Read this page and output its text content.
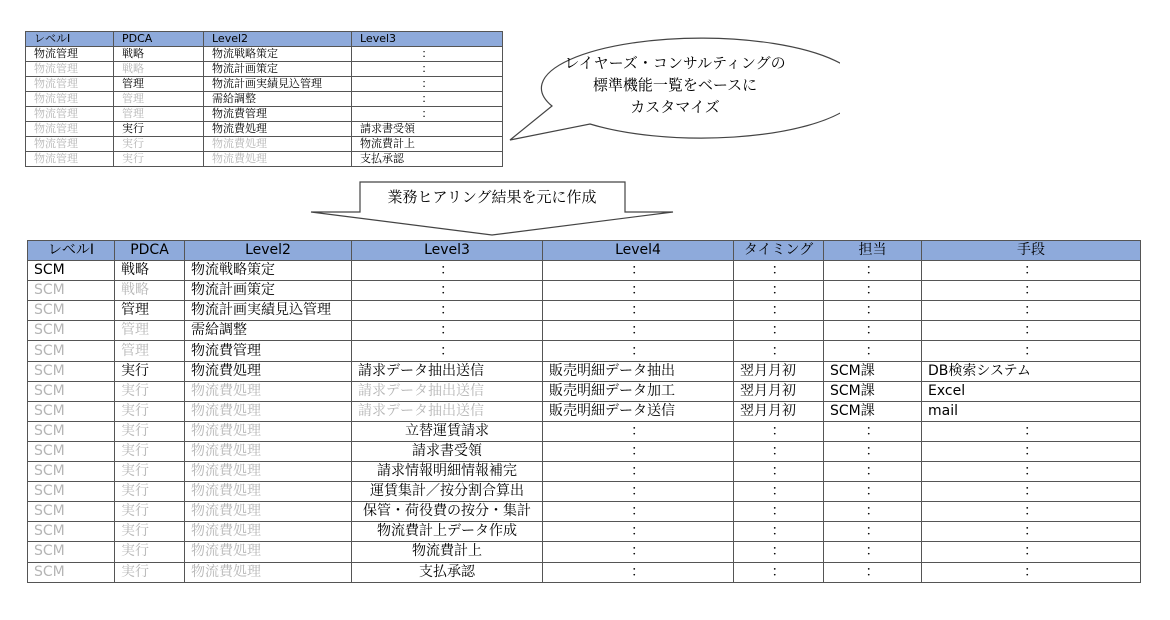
レベルⅠ	PDCA	Level2	Level3
物流管理	戦略	物流戦略策定	：
物流管理	戦略	物流計画策定	：
物流管理	管理	物流計画実績見込管理	：
物流管理	管理	需給調整	：
物流管理	管理	物流費管理	：
物流管理	実行	物流費処理	請求書受領
物流管理	実行	物流費処理	物流費計上
物流管理	実行	物流費処理	支払承認
レイヤーズ・コンサルティングの
標準機能一覧をベースに
カスタマイズ
業務ヒアリング結果を元に作成
レベルⅠ	PDCA	Level2	Level3	Level4	タイミング	担当	手段
SCM	戦略	物流戦略策定	：	：	：	：	：
SCM	戦略	物流計画策定	：	：	：	：	：
SCM	管理	物流計画実績見込管理	：	：	：	：	：
SCM	管理	需給調整	：	：	：	：	：
SCM	管理	物流費管理	：	：	：	：	：
SCM	実行	物流費処理	請求データ抽出送信	販売明細データ抽出	翌月月初	SCM課	DB検索システム
SCM	実行	物流費処理	請求データ抽出送信	販売明細データ加工	翌月月初	SCM課	Excel
SCM	実行	物流費処理	請求データ抽出送信	販売明細データ送信	翌月月初	SCM課	mail
SCM	実行	物流費処理	立替運賃請求	：	：	：	：
SCM	実行	物流費処理	請求書受領	：	：	：	：
SCM	実行	物流費処理	請求情報明細情報補完	：	：	：	：
SCM	実行	物流費処理	運賃集計／按分割合算出	：	：	：	：
SCM	実行	物流費処理	保管・荷役費の按分・集計	：	：	：	：
SCM	実行	物流費処理	物流費計上データ作成	：	：	：	：
SCM	実行	物流費処理	物流費計上	：	：	：	：
SCM	実行	物流費処理	支払承認	：	：	：	：
